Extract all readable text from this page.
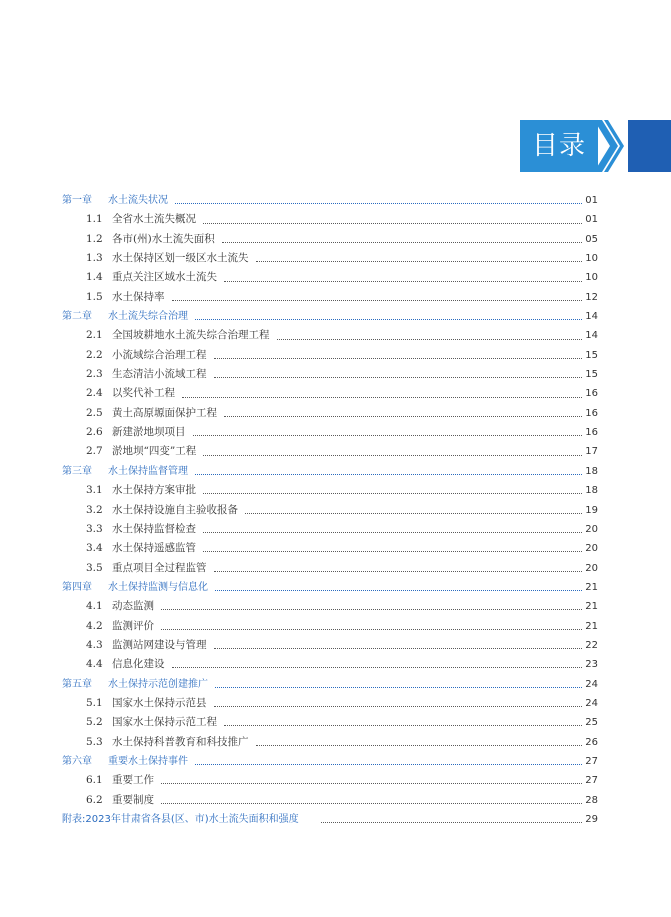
目录
第一章	水土流失状况	01
1.1 全省水土流失概况	01
1.2 各市(州)水土流失面积	05
1.3 水土保持区划一级区水土流失	10
1.4 重点关注区域水土流失	10
1.5 水土保持率	12
第二章	水土流失综合治理	14
2.1 全国坡耕地水土流失综合治理工程	14
2.2 小流域综合治理工程	15
2.3 生态清洁小流域工程	15
2.4 以奖代补工程	16
2.5 黄土高原塬面保护工程	16
2.6 新建淤地坝项目	16
2.7 淤地坝“四变”工程	17
第三章	水土保持监督管理	18
3.1 水土保持方案审批	18
3.2 水土保持设施自主验收报备	19
3.3 水土保持监督检查	20
3.4 水土保持遥感监管	20
3.5 重点项目全过程监管	20
第四章	水土保持监测与信息化	21
4.1 动态监测	21
4.2 监测评价	21
4.3 监测站网建设与管理	22
4.4 信息化建设	23
第五章	水土保持示范创建推广	24
5.1 国家水土保持示范县	24
5.2 国家水土保持示范工程	25
5.3 水土保持科普教育和科技推广	26
第六章	重要水土保持事件	27
6.1 重要工作	27
6.2 重要制度	28
附表:2023年甘肃省各县(区、市)水土流失面积和强度	29
